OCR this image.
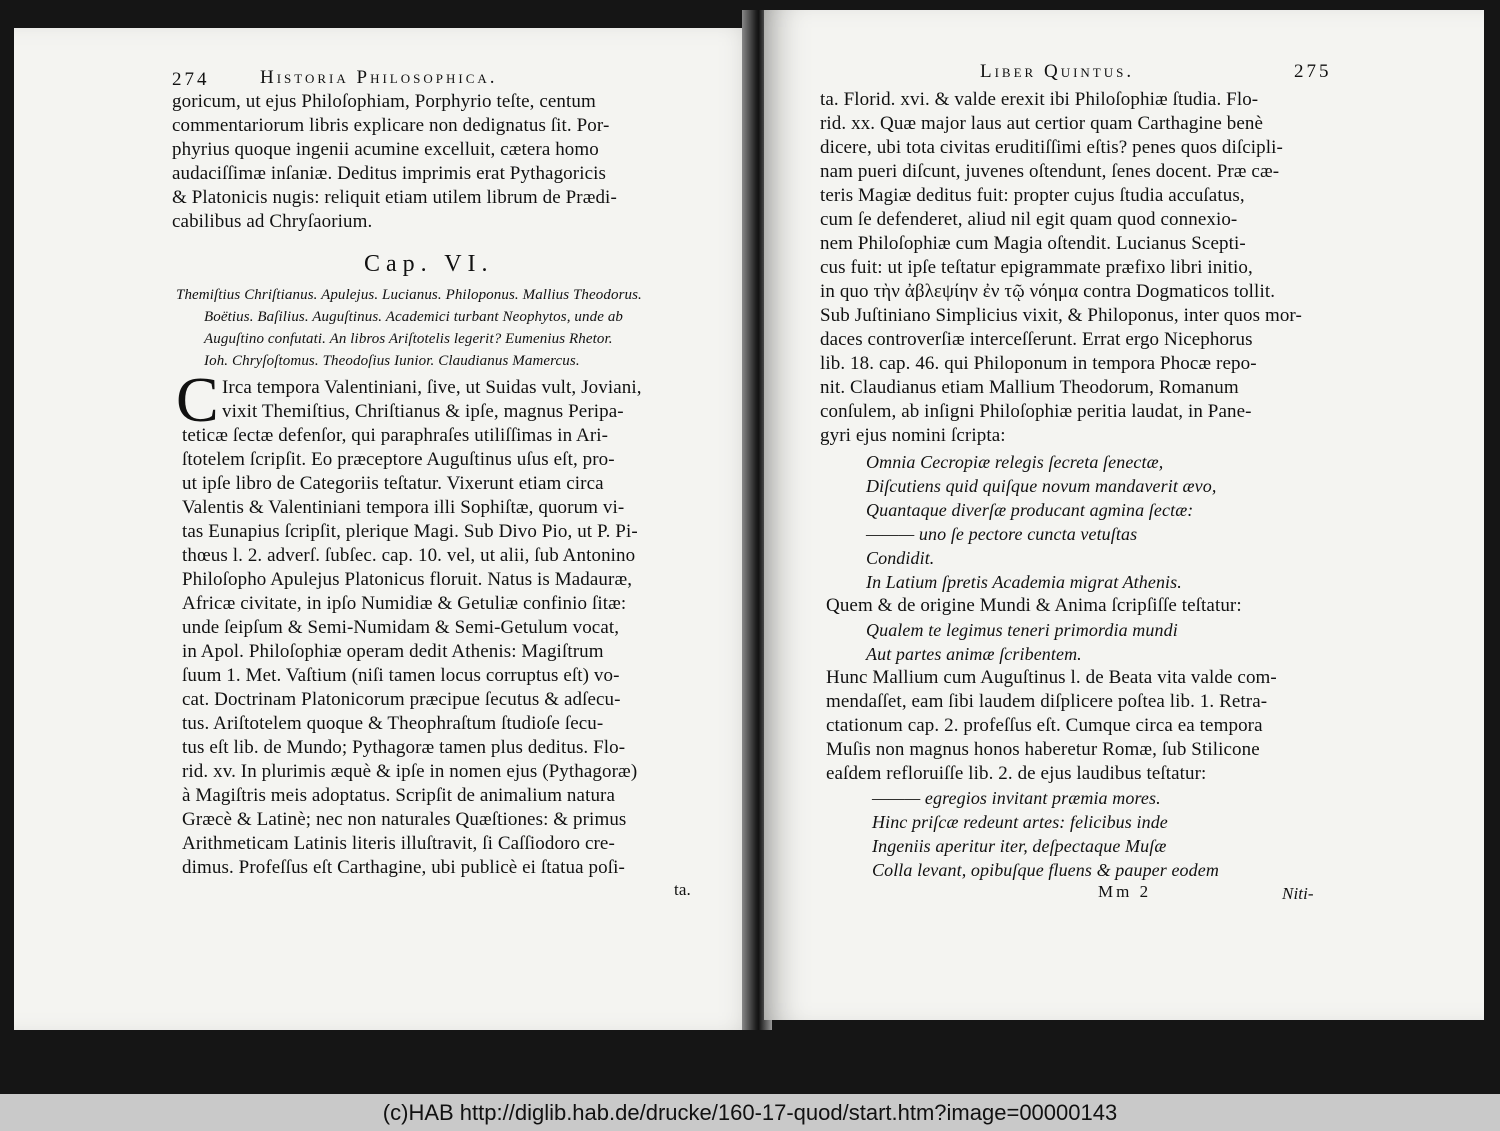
274	Historia Philosophica.
goricum, ut ejus Philoſophiam, Porphyrio teſte, centum
commentariorum libris explicare non dedignatus ſit. Por-
phyrius quoque ingenii acumine excelluit, cætera homo
audaciſſimæ inſaniæ. Deditus imprimis erat Pythagoricis
& Platonicis nugis: reliquit etiam utilem librum de Prædi-
cabilibus ad Chryſaorium.
Cap. VI.
Themiſtius Chriſtianus. Apulejus. Lucianus. Philoponus. Mallius Theodorus.
Boëtius. Baſilius. Auguſtinus. Academici turbant Neophytos, unde ab
Auguſtino confutati. An libros Ariſtotelis legerit? Eumenius Rhetor.
Ioh. Chryſoſtomus. Theodoſius Iunior. Claudianus Mamercus.
C Irca tempora Valentiniani, ſive, ut Suidas vult, Joviani,
vixit Themiſtius, Chriſtianus & ipſe, magnus Peripa-
teticæ ſectæ defenſor, qui paraphraſes utiliſſimas in Ari-
ſtotelem ſcripſit. Eo præceptore Auguſtinus uſus eſt, pro-
ut ipſe libro de Categoriis teſtatur. Vixerunt etiam circa
Valentis & Valentiniani tempora illi Sophiſtæ, quorum vi-
tas Eunapius ſcripſit, plerique Magi. Sub Divo Pio, ut P. Pi-
thœus l. 2. adverſ. ſubſec. cap. 10. vel, ut alii, ſub Antonino
Philoſopho Apulejus Platonicus floruit. Natus is Madauræ,
Africæ civitate, in ipſo Numidiæ & Getuliæ confinio ſitæ:
unde ſeipſum & Semi-Numidam & Semi-Getulum vocat,
in Apol. Philoſophiæ operam dedit Athenis: Magiſtrum
ſuum 1. Met. Vaſtium (niſi tamen locus corruptus eſt) vo-
cat. Doctrinam Platonicorum præcipue ſecutus & adſecu-
tus. Ariſtotelem quoque & Theophraſtum ſtudioſe ſecu-
tus eſt lib. de Mundo; Pythagoræ tamen plus deditus. Flo-
rid. xv. In plurimis æquè & ipſe in nomen ejus (Pythagoræ)
à Magiſtris meis adoptatus. Scripſit de animalium natura
Græcè & Latinè; nec non naturales Quæſtiones: & primus
Arithmeticam Latinis literis illuſtravit, ſi Caſſiodoro cre-
dimus. Profeſſus eſt Carthagine, ubi publicè ei ſtatua poſi-
ta.
Liber Quintus.	275
ta. Florid. xvi. & valde erexit ibi Philoſophiæ ſtudia. Flo-
rid. xx. Quæ major laus aut certior quam Carthagine benè
dicere, ubi tota civitas eruditiſſimi eſtis? penes quos diſcipli-
nam pueri diſcunt, juvenes oſtendunt, ſenes docent. Præ cæ-
teris Magiæ deditus fuit: propter cujus ſtudia accuſatus,
cum ſe defenderet, aliud nil egit quam quod connexio-
nem Philoſophiæ cum Magia oſtendit. Lucianus Scepti-
cus fuit: ut ipſe teſtatur epigrammate præfixo libri initio,
in quo τὴν ἀβλεψίην ἐν τῷ νόημα contra Dogmaticos tollit.
Sub Juſtiniano Simplicius vixit, & Philoponus, inter quos mor-
daces controverſiæ interceſſerunt. Errat ergo Nicephorus
lib. 18. cap. 46. qui Philoponum in tempora Phocæ repo-
nit. Claudianus etiam Mallium Theodorum, Romanum
conſulem, ab inſigni Philoſophiæ peritia laudat, in Pane-
gyri ejus nomini ſcripta:
Omnia Cecropiæ relegis ſecreta ſenectæ,
Diſcutiens quid quiſque novum mandaverit ævo,
Quantaque diverſæ producant agmina ſectæ:
——— uno ſe pectore cuncta vetuſtas
Condidit.
In Latium ſpretis Academia migrat Athenis.
Quem & de origine Mundi & Anima ſcripſiſſe teſtatur:
Qualem te legimus teneri primordia mundi
Aut partes animæ ſcribentem.
Hunc Mallium cum Auguſtinus l. de Beata vita valde com-
mendaſſet, eam ſibi laudem diſplicere poſtea lib. 1. Retra-
ctationum cap. 2. profeſſus eſt. Cumque circa ea tempora
Muſis non magnus honos haberetur Romæ, ſub Stilicone
eaſdem refloruiſſe lib. 2. de ejus laudibus teſtatur:
——— egregios invitant præmia mores.
Hinc priſcæ redeunt artes: felicibus inde
Ingeniis aperitur iter, deſpectaque Muſæ
Colla levant, opibuſque fluens & pauper eodem
Mm 2	Niti-
(c)HAB http://diglib.hab.de/drucke/160-17-quod/start.htm?image=00000143
